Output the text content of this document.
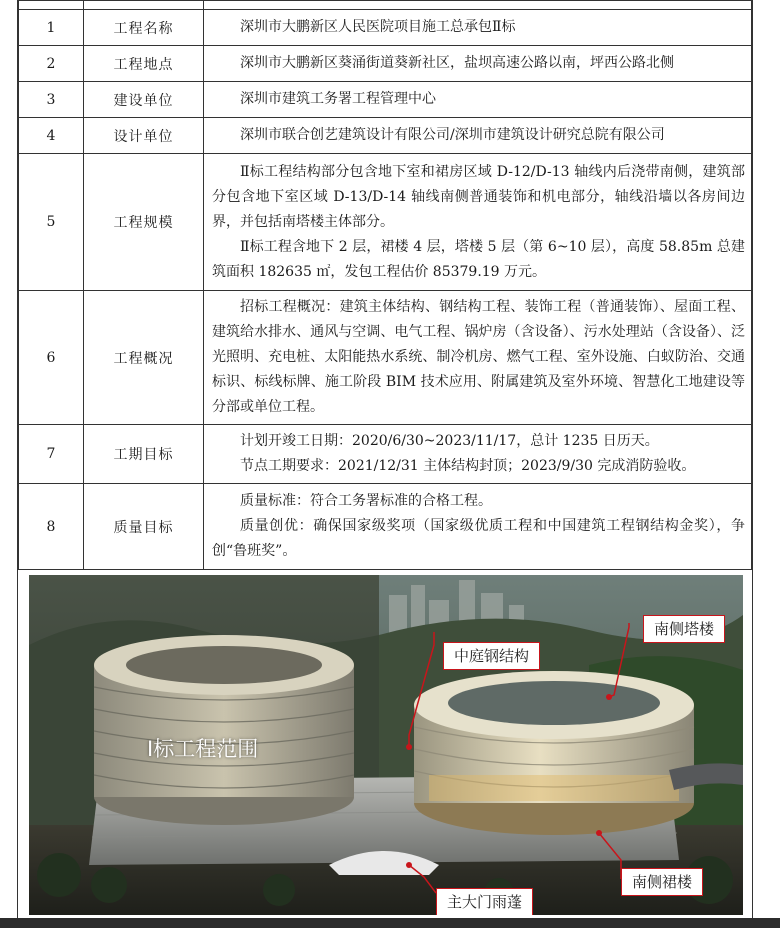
1	工程名称	深圳市大鹏新区人民医院项目施工总承包Ⅱ标

2	工程地点	深圳市大鹏新区葵涌街道葵新社区，盐坝高速公路以南，坪西公路北侧

3	建设单位	深圳市建筑工务署工程管理中心

4	设计单位	深圳市联合创艺建筑设计有限公司/深圳市建筑设计研究总院有限公司

5	工程规模	Ⅱ标工程结构部分包含地下室和裙房区域 D-12/D-13 轴线内后浇带南侧，建筑部分包含地下室区域 D-13/D-14 轴线南侧普通装饰和机电部分，轴线沿墙以各房间边界，并包括南塔楼主体部分。

Ⅱ标工程含地下 2 层，裙楼 4 层，塔楼 5 层（第 6~10 层），高度 58.85m 总建筑面积 182635 ㎡，发包工程估价 85379.19 万元。

6	工程概况	招标工程概况：建筑主体结构、钢结构工程、装饰工程（普通装饰）、屋面工程、建筑给水排水、通风与空调、电气工程、锅炉房（含设备）、污水处理站（含设备）、泛光照明、充电桩、太阳能热水系统、制冷机房、燃气工程、室外设施、白蚁防治、交通标识、标线标牌、施工阶段 BIM 技术应用、附属建筑及室外环境、智慧化工地建设等分部或单位工程。

7	工期目标	计划开竣工日期：2020/6/30~2023/11/17，总计 1235 日历天。

节点工期要求：2021/12/31 主体结构封顶；2023/9/30 完成消防验收。

8	质量目标	质量标准：符合工务署标准的合格工程。

质量创优：确保国家级奖项（国家级优质工程和中国建筑工程钢结构金奖），争创“鲁班奖”。

Ⅰ标工程范围
中庭钢结构
南侧塔楼
南侧裙楼
主大门雨蓬
